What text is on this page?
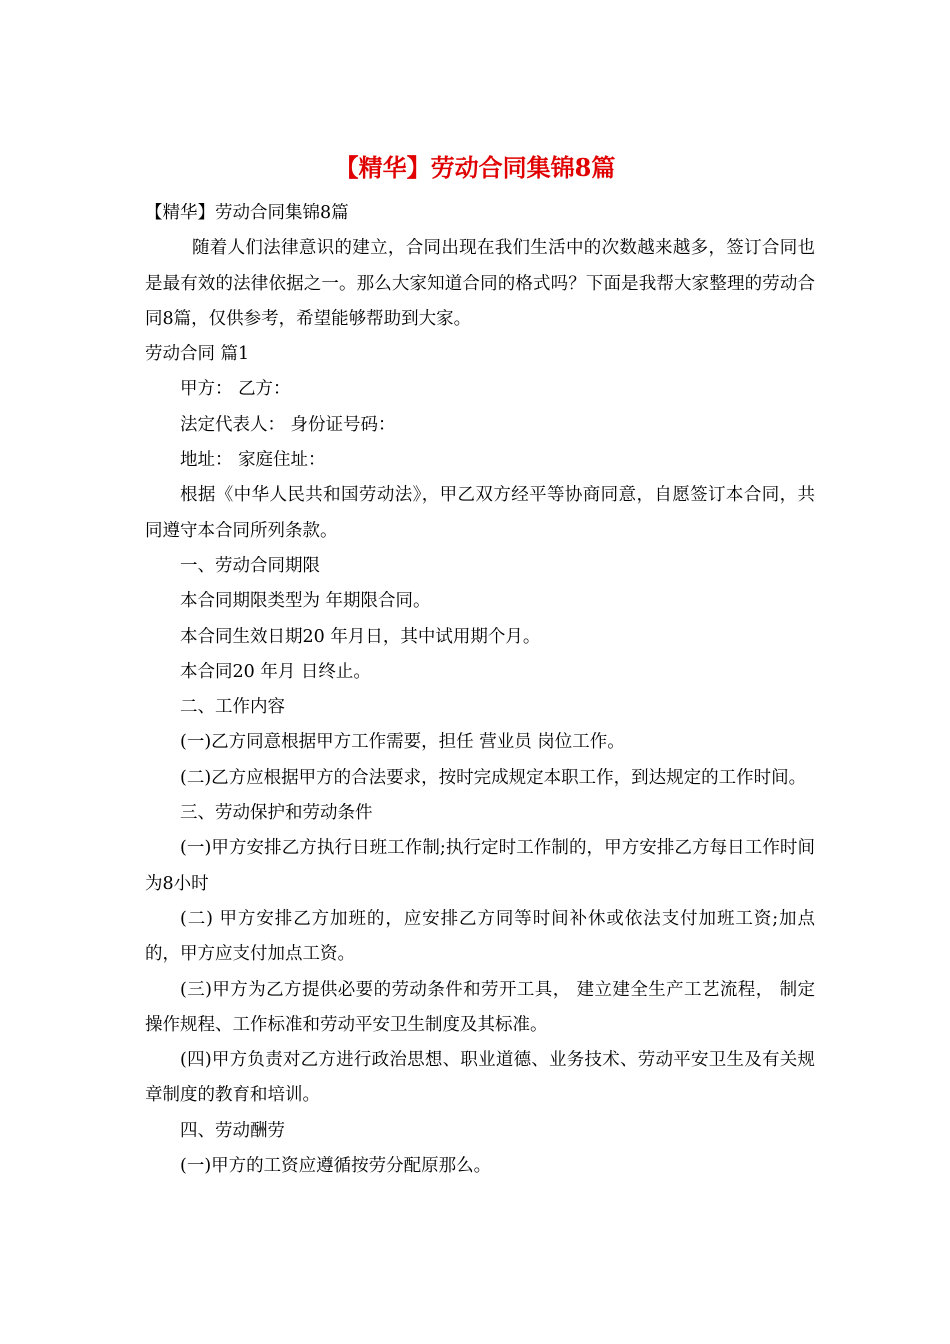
【精华】劳动合同集锦8篇

【精华】劳动合同集锦8篇

随着人们法律意识的建立，合同出现在我们生活中的次数越来越多，签订合同也是最有效的法律依据之一。那么大家知道合同的格式吗？下面是我帮大家整理的劳动合同8篇，仅供参考，希望能够帮助到大家。

劳动合同 篇1

甲方： 乙方：

法定代表人： 身份证号码：

地址： 家庭住址：

根据《中华人民共和国劳动法》，甲乙双方经平等协商同意，自愿签订本合同，共同遵守本合同所列条款。

一、劳动合同期限

本合同期限类型为 年期限合同。

本合同生效日期20 年月日，其中试用期个月。

本合同20 年月 日终止。

二、工作内容

(一)乙方同意根据甲方工作需要，担任 营业员 岗位工作。

(二)乙方应根据甲方的合法要求，按时完成规定本职工作，到达规定的工作时间。

三、劳动保护和劳动条件

(一)甲方安排乙方执行日班工作制;执行定时工作制的，甲方安排乙方每日工作时间为8小时

(二) 甲方安排乙方加班的，应安排乙方同等时间补休或依法支付加班工资;加点的，甲方应支付加点工资。

(三)甲方为乙方提供必要的劳动条件和劳开工具， 建立建全生产工艺流程， 制定操作规程、工作标准和劳动平安卫生制度及其标准。

(四)甲方负责对乙方进行政治思想、职业道德、业务技术、劳动平安卫生及有关规章制度的教育和培训。

四、劳动酬劳

(一)甲方的工资应遵循按劳分配原那么。
